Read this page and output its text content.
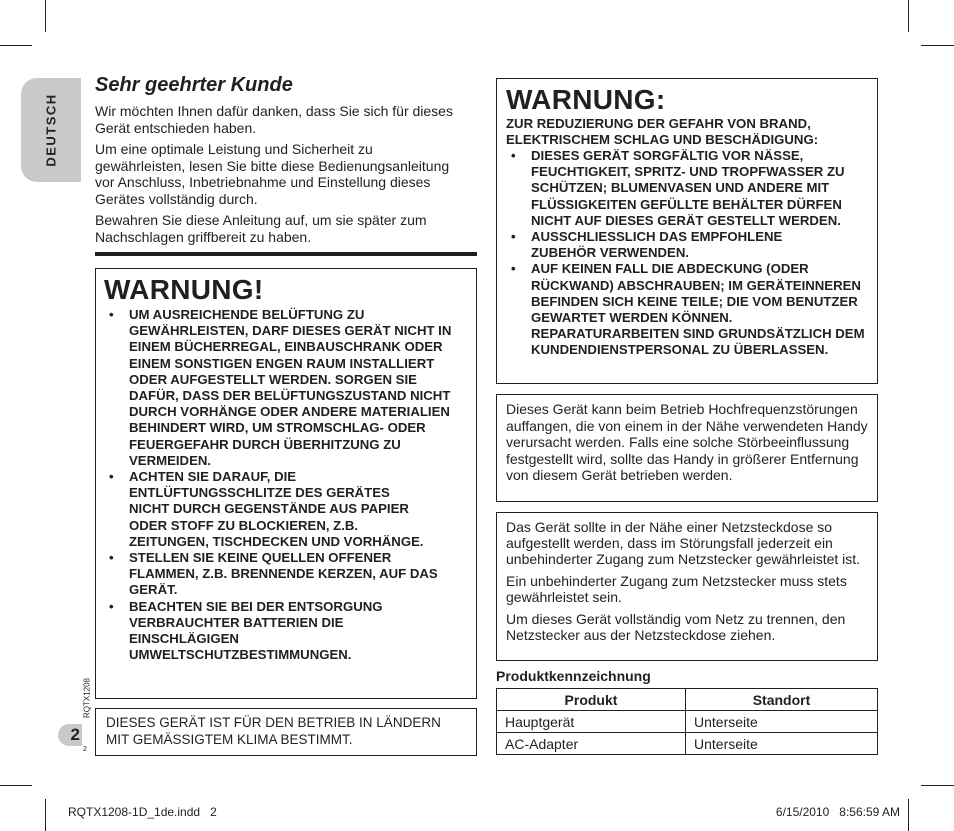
DEUTSCH
RQTX1208
2
2
Sehr geehrter Kunde

Wir möchten Ihnen dafür danken, dass Sie sich für dieses Gerät entschieden haben.

Um eine optimale Leistung und Sicherheit zu gewährleisten, lesen Sie bitte diese Bedienungsanleitung vor Anschluss, Inbetriebnahme und Einstellung dieses Gerätes vollständig durch.

Bewahren Sie diese Anleitung auf, um sie später zum Nachschlagen griffbereit zu haben.

WARNUNG!
• UM AUSREICHENDE BELÜFTUNG ZU GEWÄHRLEISTEN, DARF DIESES GERÄT NICHT IN EINEM BÜCHERREGAL, EINBAUSCHRANK ODER EINEM SONSTIGEN ENGEN RAUM INSTALLIERT ODER AUFGESTELLT WERDEN. SORGEN SIE DAFÜR, DASS DER BELÜFTUNGSZUSTAND NICHT DURCH VORHÄNGE ODER ANDERE MATERIALIEN BEHINDERT WIRD, UM STROMSCHLAG- ODER FEUERGEFAHR DURCH ÜBERHITZUNG ZU VERMEIDEN.
• ACHTEN SIE DARAUF, DIE ENTLÜFTUNGSSCHLITZE DES GERÄTES NICHT DURCH GEGENSTÄNDE AUS PAPIER ODER STOFF ZU BLOCKIEREN, Z.B. ZEITUNGEN, TISCHDECKEN UND VORHÄNGE.
• STELLEN SIE KEINE QUELLEN OFFENER FLAMMEN, Z.B. BRENNENDE KERZEN, AUF DAS GERÄT.
• BEACHTEN SIE BEI DER ENTSORGUNG VERBRAUCHTER BATTERIEN DIE EINSCHLÄGIGEN UMWELTSCHUTZBESTIMMUNGEN.
DIESES GERÄT IST FÜR DEN BETRIEB IN LÄNDERN MIT GEMÄSSIGTEM KLIMA BESTIMMT.
WARNUNG:
ZUR REDUZIERUNG DER GEFAHR VON BRAND, ELEKTRISCHEM SCHLAG UND BESCHÄDIGUNG:
• DIESES GERÄT SORGFÄLTIG VOR NÄSSE, FEUCHTIGKEIT, SPRITZ- UND TROPFWASSER ZU SCHÜTZEN; BLUMENVASEN UND ANDERE MIT FLÜSSIGKEITEN GEFÜLLTE BEHÄLTER DÜRFEN NICHT AUF DIESES GERÄT GESTELLT WERDEN.
• AUSSCHLIESSLICH DAS EMPFOHLENE ZUBEHÖR VERWENDEN.
• AUF KEINEN FALL DIE ABDECKUNG (ODER RÜCKWAND) ABSCHRAUBEN; IM GERÄTEINNEREN BEFINDEN SICH KEINE TEILE; DIE VOM BENUTZER GEWARTET WERDEN KÖNNEN. REPARATURARBEITEN SIND GRUNDSÄTZLICH DEM KUNDENDIENSTPERSONAL ZU ÜBERLASSEN.
Dieses Gerät kann beim Betrieb Hochfrequenzstörungen auffangen, die von einem in der Nähe verwendeten Handy verursacht werden. Falls eine solche Störbeeinflussung festgestellt wird, sollte das Handy in größerer Entfernung von diesem Gerät betrieben werden.

Das Gerät sollte in der Nähe einer Netzsteckdose so aufgestellt werden, dass im Störungsfall jederzeit ein unbehinderter Zugang zum Netzstecker gewährleistet ist.

Ein unbehinderter Zugang zum Netzstecker muss stets gewährleistet sein.

Um dieses Gerät vollständig vom Netz zu trennen, den Netzstecker aus der Netzsteckdose ziehen.

Produktkennzeichnung
Produkt	Standort
Hauptgerät	Unterseite
AC-Adapter	Unterseite
RQTX1208-1D_1de.indd   2	6/15/2010   8:56:59 AM
